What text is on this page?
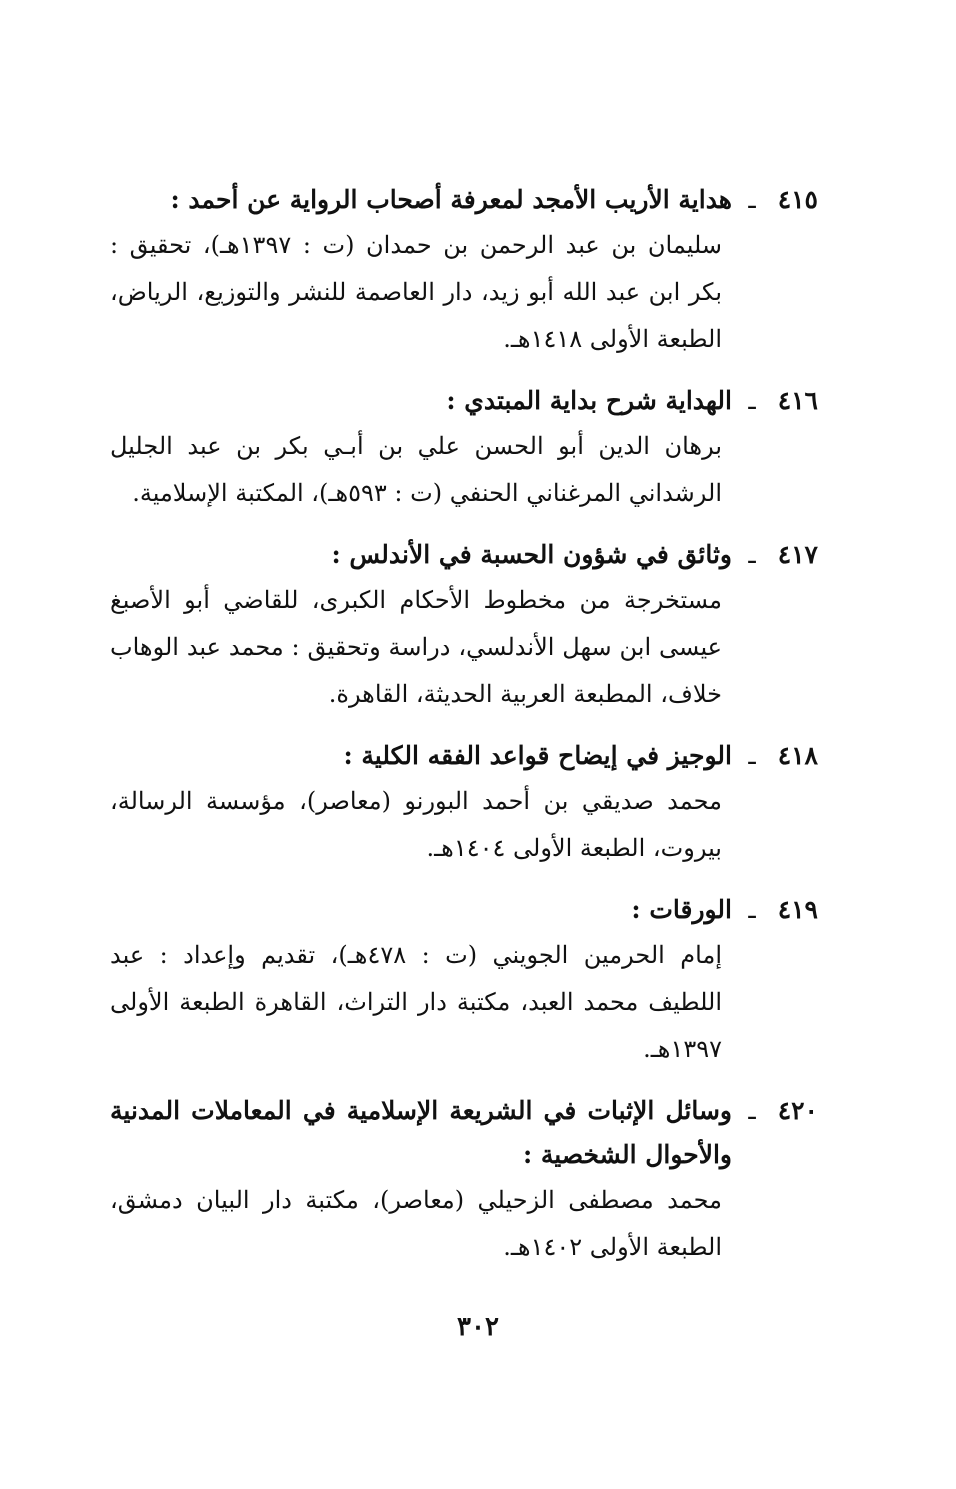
٤١٥
ـ
هداية الأريب الأمجد لمعرفة أصحاب الرواية عن أحمد :
سليمان بن عبد الرحمن بن حمدان (ت : ١٣٩٧هـ)، تحقيق : بكر ابن عبد الله أبو زيد، دار العاصمة للنشر والتوزيع، الرياض، الطبعة الأولى ١٤١٨هـ.
٤١٦
ـ
الهداية شرح بداية المبتدي :
برهان الدين أبو الحسن علي بن أبـي بكر بن عبد الجليل الرشداني المرغناني الحنفي (ت : ٥٩٣هـ)، المكتبة الإسلامية.
٤١٧
ـ
وثائق في شؤون الحسبة في الأندلس :
مستخرجة من مخطوط الأحكام الكبرى، للقاضي أبو الأصبغ عيسى ابن سهل الأندلسي، دراسة وتحقيق : محمد عبد الوهاب خلاف، المطبعة العربية الحديثة، القاهرة.
٤١٨
ـ
الوجيز في إيضاح قواعد الفقه الكلية :
محمد صديقي بن أحمد البورنو (معاصر)، مؤسسة الرسالة، بيروت، الطبعة الأولى ١٤٠٤هـ.
٤١٩
ـ
الورقات :
إمام الحرمين الجويني (ت : ٤٧٨هـ)، تقديم وإعداد : عبد اللطيف محمد العبد، مكتبة دار التراث، القاهرة الطبعة الأولى ١٣٩٧هـ.
٤٢٠
ـ
وسائل الإثبات في الشريعة الإسلامية في المعاملات المدنية والأحوال الشخصية :
محمد مصطفى الزحيلي (معاصر)، مكتبة دار البيان دمشق، الطبعة الأولى ١٤٠٢هـ.
٣٠٢
